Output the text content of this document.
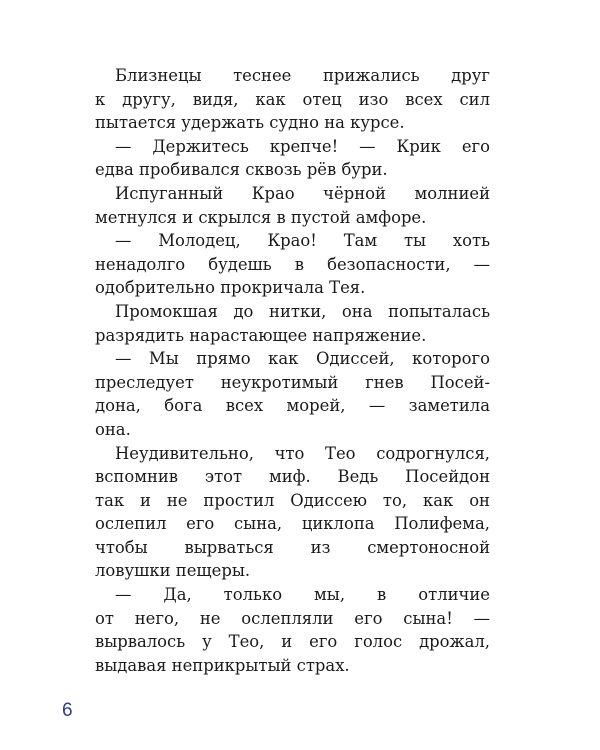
Близнецы теснее прижались друг
к другу, видя, как отец изо всех сил
пытается удержать судно на курсе.
— Держитесь крепче! — Крик его
едва пробивался сквозь рёв бури.
Испуганный Крао чёрной молнией
метнулся и скрылся в пустой амфоре.
— Молодец, Крао! Там ты хоть
ненадолго будешь в безопасности, —
одобрительно прокричала Тея.
Промокшая до нитки, она попыталась
разрядить нарастающее напряжение.
— Мы прямо как Одиссей, которого
преследует неукротимый гнев Посей-
дона, бога всех морей, — заметила
она.
Неудивительно, что Тео содрогнулся,
вспомнив этот миф. Ведь Посейдон
так и не простил Одиссею то, как он
ослепил его сына, циклопа Полифема,
чтобы вырваться из смертоносной
ловушки пещеры.
— Да, только мы, в отличие
от него, не ослепляли его сына! —
вырвалось у Тео, и его голос дрожал,
выдавая неприкрытый страх.
6
